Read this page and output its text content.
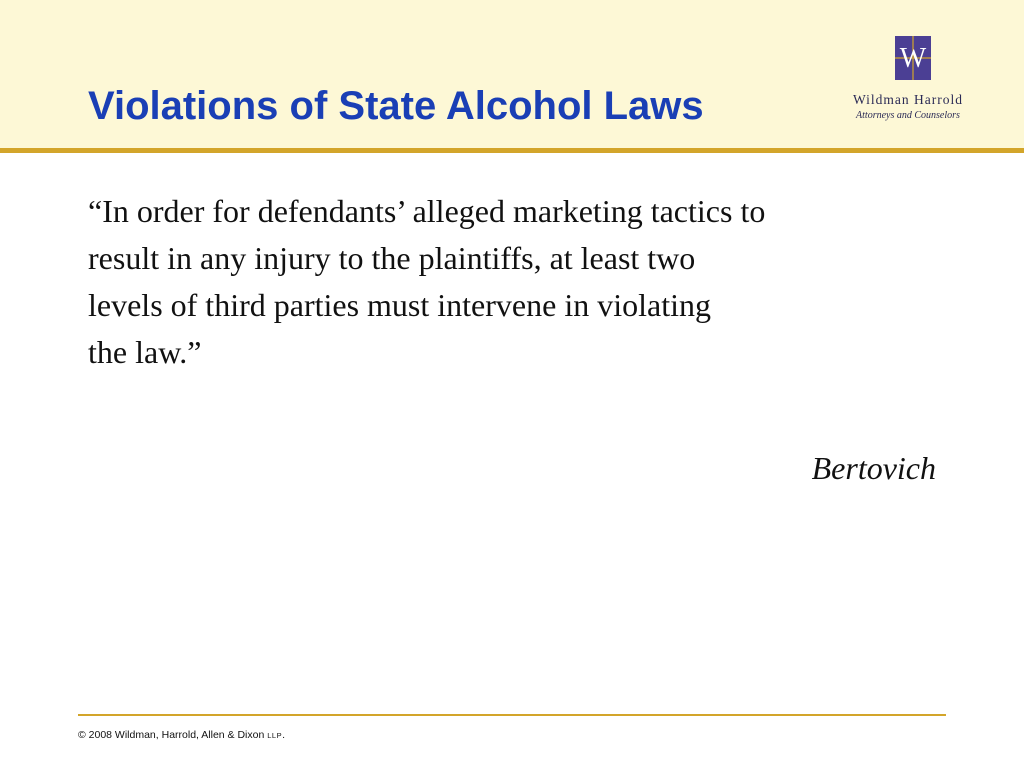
Violations of State Alcohol Laws
W
Wildman Harrold
Attorneys and Counselors
“In order for defendants’ alleged marketing tactics to
result in any injury to the plaintiffs, at least two
levels of third parties must intervene in violating
the law.”

Bertovich

© 2008 Wildman, Harrold, Allen & Dixon LLP.
